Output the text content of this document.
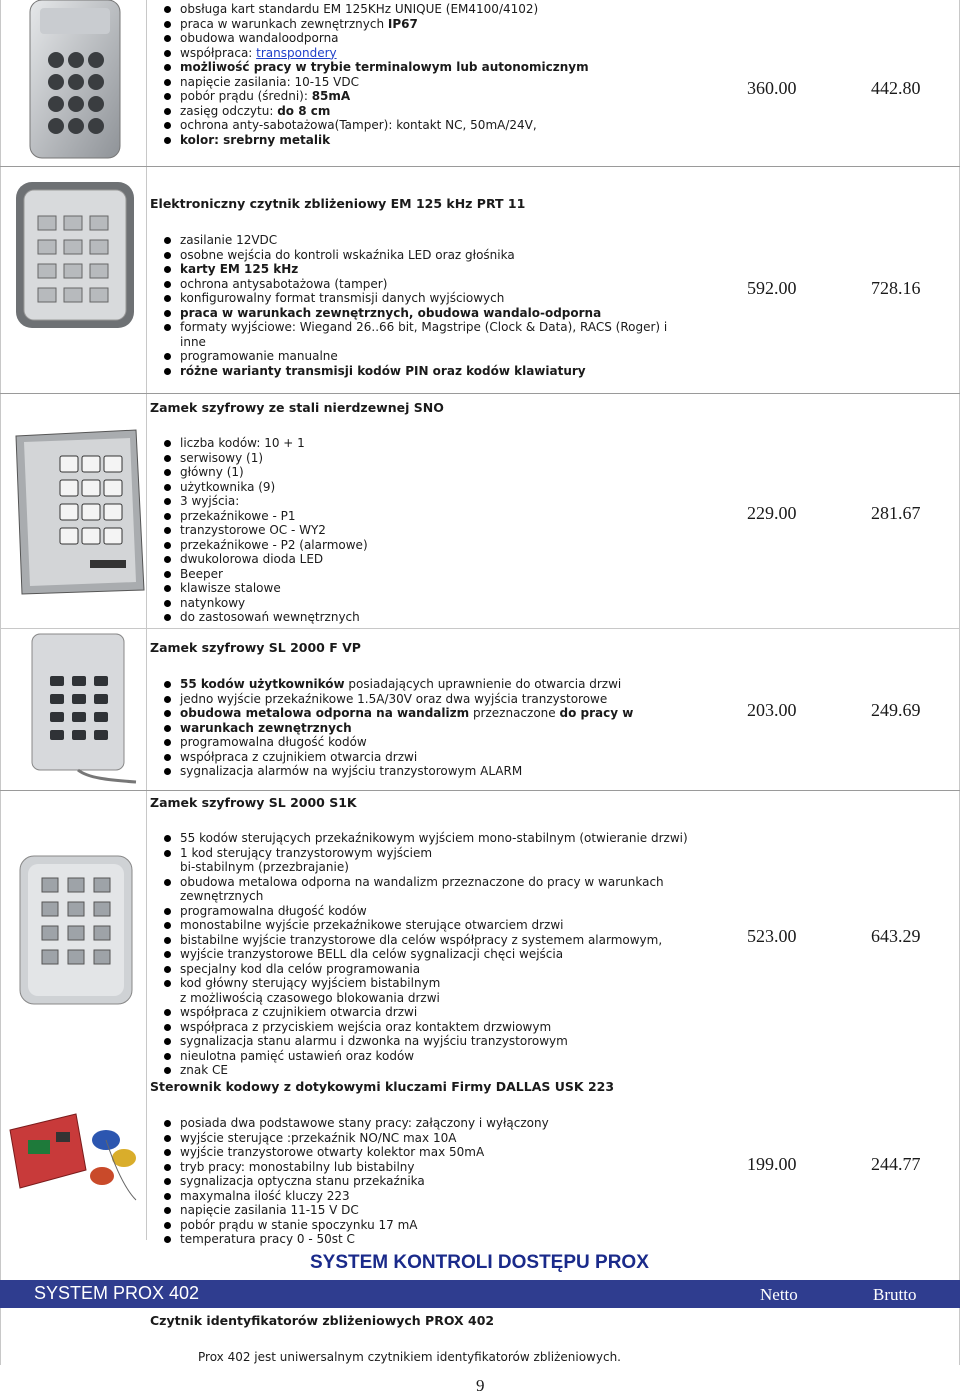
obsługa kart standardu EM 125KHz UNIQUE (EM4100/4102)
praca w warunkach zewnętrznych IP67
obudowa wandaloodporna
współpraca: transpondery
możliwość pracy w trybie terminalowym lub autonomicznym
napięcie zasilania: 10-15 VDC
pobór prądu (średni): 85mA
zasięg odczytu: do 8 cm
ochrona anty-sabotażowa(Tamper): kontakt NC, 50mA/24V,
kolor: srebrny metalik
360.00	442.80
Elektroniczny czytnik zbliżeniowy EM 125 kHz PRT 11
zasilanie 12VDC
osobne wejścia do kontroli wskaźnika LED oraz głośnika
karty EM 125 kHz
ochrona antysabotażowa (tamper)
konfigurowalny format transmisji danych wyjściowych
praca w warunkach zewnętrznych, obudowa wandalo-odporna
formaty wyjściowe: Wiegand 26..66 bit, Magstripe (Clock & Data), RACS (Roger) i
inne
programowanie manualne
różne warianty transmisji kodów PIN oraz kodów klawiatury
592.00	728.16
Zamek szyfrowy ze stali nierdzewnej SNO
liczba kodów: 10 + 1
serwisowy (1)
główny (1)
użytkownika (9)
3 wyjścia:
przekaźnikowe - P1
tranzystorowe OC - WY2
przekaźnikowe - P2 (alarmowe)
dwukolorowa dioda LED
Beeper
klawisze stalowe
natynkowy
do zastosowań wewnętrznych
229.00	281.67
Zamek szyfrowy SL 2000 F VP
55 kodów użytkowników posiadających uprawnienie do otwarcia drzwi
jedno wyjście przekaźnikowe 1.5A/30V oraz dwa wyjścia tranzystorowe
obudowa metalowa odporna na wandalizm przeznaczone do pracy w
warunkach zewnętrznych
programowalna długość kodów
współpraca z czujnikiem otwarcia drzwi
sygnalizacja alarmów na wyjściu tranzystorowym ALARM
203.00	249.69
Zamek szyfrowy SL 2000 S1K
55 kodów sterujących przekaźnikowym wyjściem mono-stabilnym (otwieranie drzwi)
1 kod sterujący tranzystorowym wyjściem
bi-stabilnym (przezbrajanie)
obudowa metalowa odporna na wandalizm przeznaczone do pracy w warunkach
zewnętrznych
programowalna długość kodów
monostabilne wyjście przekaźnikowe sterujące otwarciem drzwi
bistabilne wyjście tranzystorowe dla celów współpracy z systemem alarmowym,
wyjście tranzystorowe BELL dla celów sygnalizacji chęci wejścia
specjalny kod dla celów programowania
kod główny sterujący wyjściem bistabilnym
z możliwością czasowego blokowania drzwi
współpraca z czujnikiem otwarcia drzwi
współpraca z przyciskiem wejścia oraz kontaktem drzwiowym
sygnalizacja stanu alarmu i dzwonka na wyjściu tranzystorowym
nieulotna pamięć ustawień oraz kodów
znak CE
523.00	643.29
Sterownik kodowy z dotykowymi kluczami Firmy DALLAS USK 223
posiada dwa podstawowe stany pracy: załączony i wyłączony
wyjście sterujące :przekaźnik NO/NC max 10A
wyjście tranzystorowe otwarty kolektor max 50mA
tryb pracy: monostabilny lub bistabilny
sygnalizacja optyczna stanu przekaźnika
maxymalna ilość kluczy 223
napięcie zasilania 11-15 V DC
pobór prądu w stanie spoczynku 17 mA
temperatura pracy 0 - 50st C
199.00	244.77
SYSTEM KONTROLI DOSTĘPU PROX
SYSTEM PROX 402	Netto	Brutto
Czytnik identyfikatorów zbliżeniowych PROX 402
Prox 402 jest uniwersalnym czytnikiem identyfikatorów zbliżeniowych.
9
